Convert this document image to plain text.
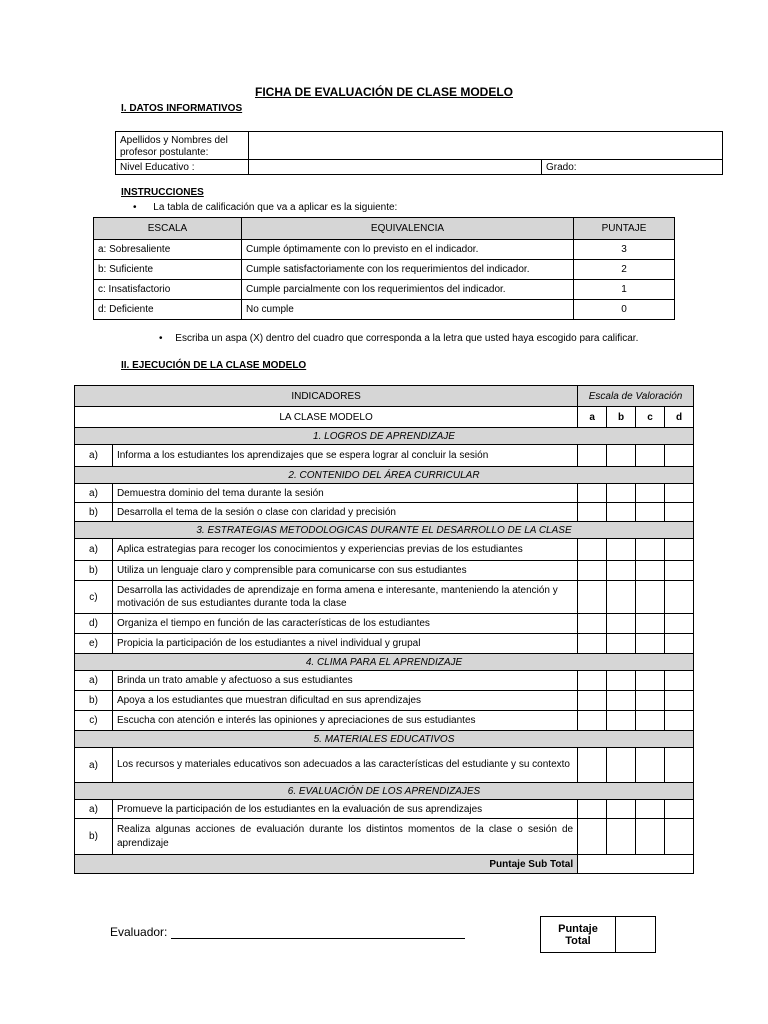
FICHA DE EVALUACIÓN DE CLASE MODELO
I. DATOS INFORMATIVOS
Apellidos y Nombres del
profesor postulante:		
Nivel Educativo :		Grado:
INSTRUCCIONES
• La tabla de calificación que va a aplicar es la siguiente:
ESCALA	EQUIVALENCIA	PUNTAJE
a: Sobresaliente	Cumple óptimamente con lo previsto en el indicador.	3
b: Suficiente	Cumple satisfactoriamente con los requerimientos del indicador.	2
c: Insatisfactorio	Cumple parcialmente con los requerimientos del indicador.	1
d: Deficiente	No cumple	0
• Escriba un aspa (X) dentro del cuadro que corresponda a la letra que usted haya escogido para calificar.
II. EJECUCIÓN DE LA CLASE MODELO
INDICADORES		Escala de Valoración			
LA CLASE MODELO		a	b	c	d
1. LOGROS DE APRENDIZAJE					
a)	Informa a los estudiantes los aprendizajes que se espera lograr al concluir la sesión				
2. CONTENIDO DEL ÁREA CURRICULAR					
a)	Demuestra dominio del tema durante la sesión				
b)	Desarrolla el tema de la sesión o clase con claridad y precisión				
3. ESTRATEGIAS METODOLOGICAS DURANTE EL DESARROLLO DE LA CLASE					
a)	Aplica estrategias para recoger los conocimientos y experiencias previas de los estudiantes				
b)	Utiliza un lenguaje claro y comprensible para comunicarse con sus estudiantes				
c)	Desarrolla las actividades de aprendizaje en forma amena e interesante, manteniendo la atención y motivación de sus estudiantes durante toda la clase				
d)	Organiza el tiempo en función de las características de los estudiantes				
e)	Propicia la participación de los estudiantes a nivel individual y grupal				
4. CLIMA PARA EL APRENDIZAJE					
a)	Brinda un trato amable y afectuoso a sus estudiantes				
b)	Apoya a los estudiantes que muestran dificultad en sus aprendizajes				
c)	Escucha con atención e interés las opiniones y apreciaciones de sus estudiantes				
5. MATERIALES EDUCATIVOS					
a)	Los recursos y materiales educativos son adecuados a las características del estudiante y su contexto				
6. EVALUACIÓN DE LOS APRENDIZAJES					
a)	Promueve la participación de los estudiantes en la evaluación de sus aprendizajes				
b)	Realiza algunas acciones de evaluación durante los distintos momentos de la clase o sesión de aprendizaje				
Puntaje Sub Total					
Evaluador:	Puntaje
Total	
